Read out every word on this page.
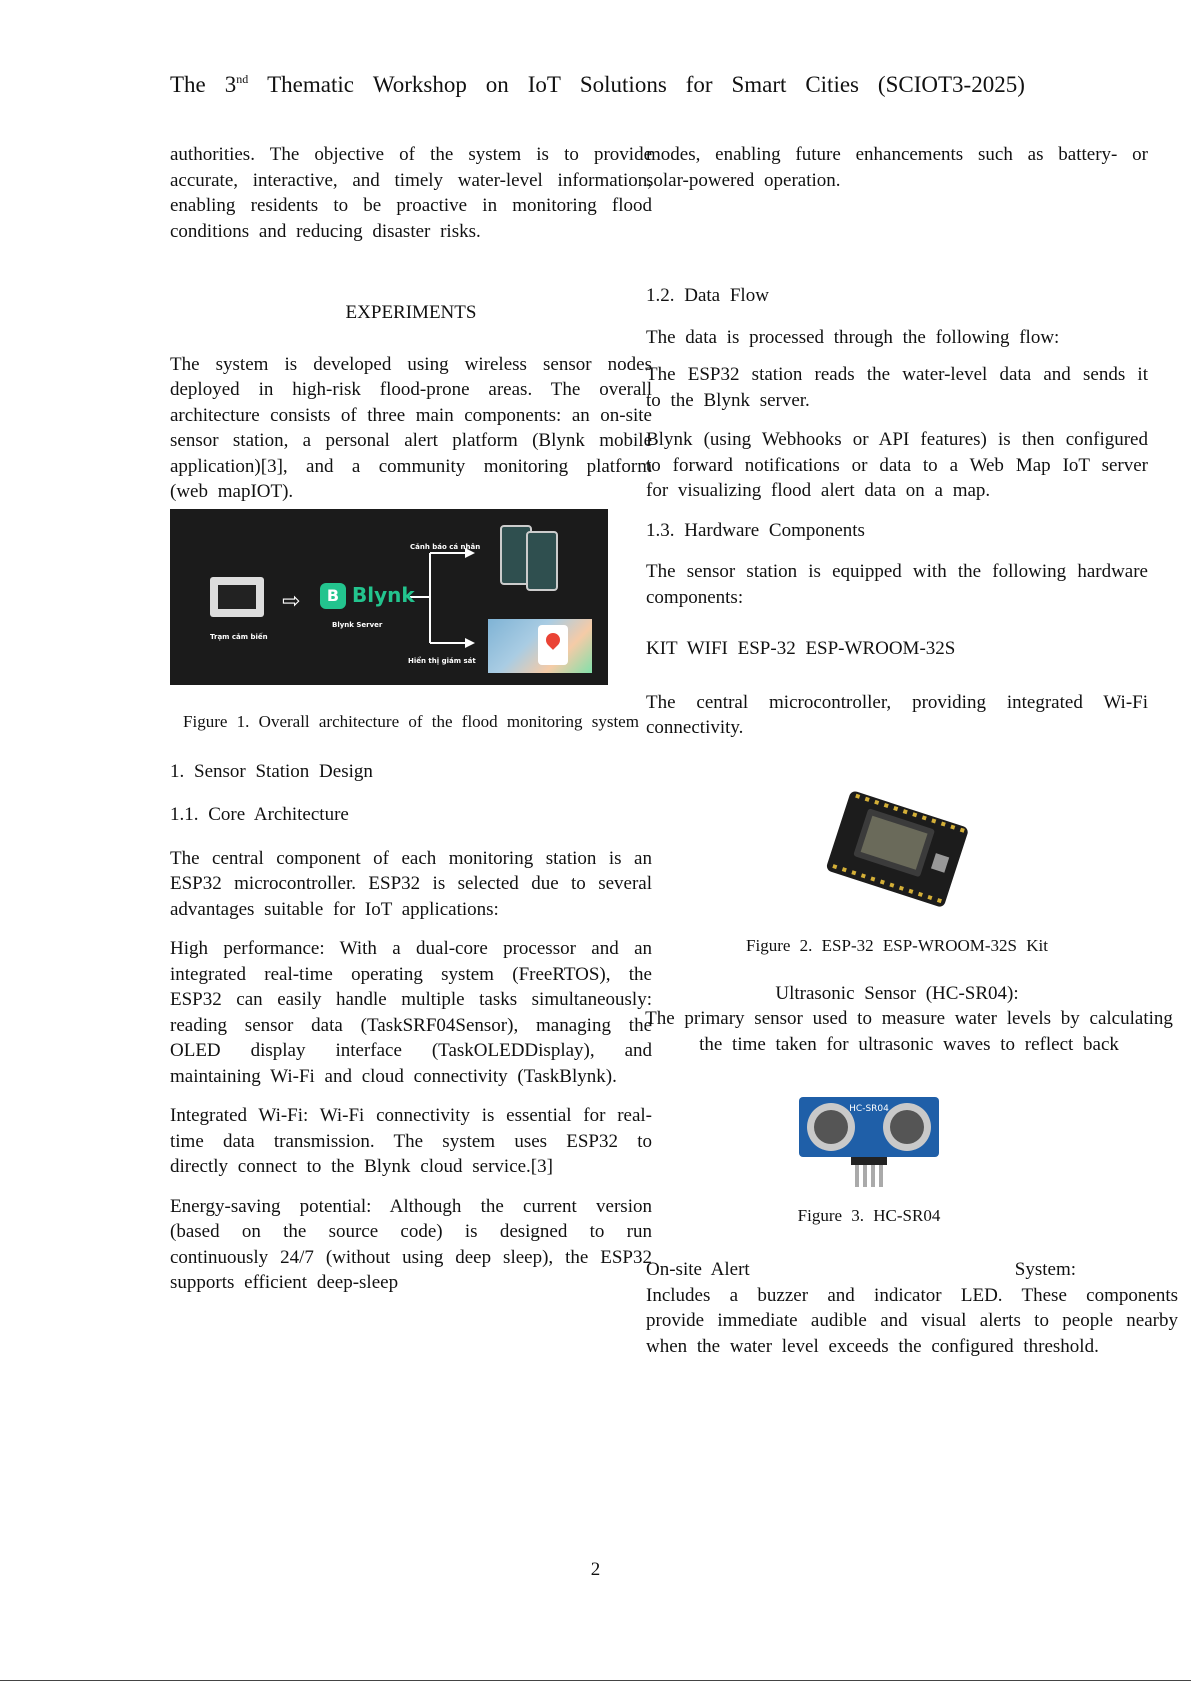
The 3nd Thematic Workshop on IoT Solutions for Smart Cities (SCIOT3-2025)

authorities. The objective of the system is to provide accurate, interactive, and timely water-level information, enabling residents to be proactive in monitoring flood conditions and reducing disaster risks.

EXPERIMENTS

The system is developed using wireless sensor nodes deployed in high-risk flood-prone areas. The overall architecture consists of three main components: an on-site sensor station, a personal alert platform (Blynk mobile application)[3], and a community monitoring platform (web mapIOT).

Trạm cảm biến
⇨	B Blynk
Blynk Server
Cảnh báo cá nhân
Hiển thị giám sát

Figure 1. Overall architecture of the flood monitoring system

1. Sensor Station Design

1.1. Core Architecture

The central component of each monitoring station is an ESP32 microcontroller. ESP32 is selected due to several advantages suitable for IoT applications:

High performance: With a dual-core processor and an integrated real-time operating system (FreeRTOS), the ESP32 can easily handle multiple tasks simultaneously: reading sensor data (TaskSRF04Sensor), managing the OLED display interface (TaskOLEDDisplay), and maintaining Wi-Fi and cloud connectivity (TaskBlynk).

Integrated Wi-Fi: Wi-Fi connectivity is essential for real-time data transmission. The system uses ESP32 to directly connect to the Blynk cloud service.[3]

Energy-saving potential: Although the current version (based on the source code) is designed to run continuously 24/7 (without using deep sleep), the ESP32 supports efficient deep-sleep

modes, enabling future enhancements such as battery- or solar-powered operation.

1.2. Data Flow

The data is processed through the following flow:

The ESP32 station reads the water-level data and sends it to the Blynk server.

Blynk (using Webhooks or API features) is then configured to forward notifications or data to a Web Map IoT server for visualizing flood alert data on a map.

1.3. Hardware Components

The sensor station is equipped with the following hardware components:

KIT WIFI ESP-32 ESP-WROOM-32S

The central microcontroller, providing integrated Wi-Fi connectivity.

Figure 2. ESP-32 ESP-WROOM-32S Kit

Ultrasonic Sensor (HC-SR04):

The primary sensor used to measure water levels by calculating the time taken for ultrasonic waves to reflect back

HC-SR04

Figure 3. HC-SR04

On-site Alert	System:

Includes a buzzer and indicator LED. These components provide immediate audible and visual alerts to people nearby when the water level exceeds the configured threshold.

2
